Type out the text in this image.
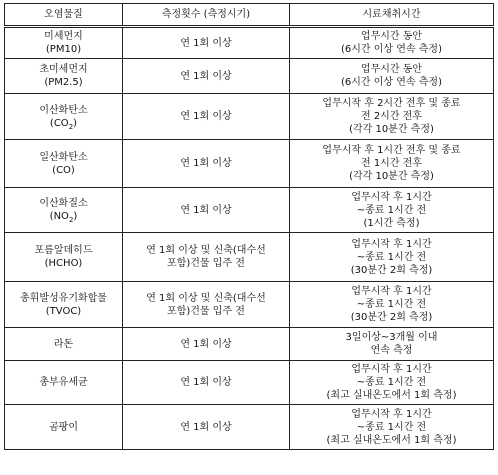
오염물질	측정횟수 (측정시기)	시료채취시간

미세먼지
(PM10)	연 1회 이상	업무시간 동안
(6시간 이상 연속 측정)

초미세먼지
(PM2.5)	연 1회 이상	업무시간 동안
(6시간 이상 연속 측정)

이산화탄소
$(CO_2)$	연 1회 이상	업무시작 후 2시간 전후 및 종료
전 2시간 전후
(각각 10분간 측정)

일산화탄소
(CO)	연 1회 이상	업무시작 후 1시간 전후 및 종료
전 1시간 전후
(각각 10분간 측정)

이산화질소
$(NO_2)$	연 1회 이상	업무시작 후 1시간
~종료 1시간 전
(1시간 측정)

포름알데히드
(HCHO)	연 1회 이상 및 신축(대수선
포함)건물 입주 전	업무시작 후 1시간
~종료 1시간 전
(30분간 2회 측정)

총휘발성유기화합물
(TVOC)	연 1회 이상 및 신축(대수선
포함)건물 입주 전	업무시작 후 1시간
~종료 1시간 전
(30분간 2회 측정)

라돈	연 1회 이상	3일이상~3개월 이내
연속 측정

총부유세균	연 1회 이상	업무시작 후 1시간
~종료 1시간 전
(최고 실내온도에서 1회 측정)

곰팡이	연 1회 이상	업무시작 후 1시간
~종료 1시간 전
(최고 실내온도에서 1회 측정)
